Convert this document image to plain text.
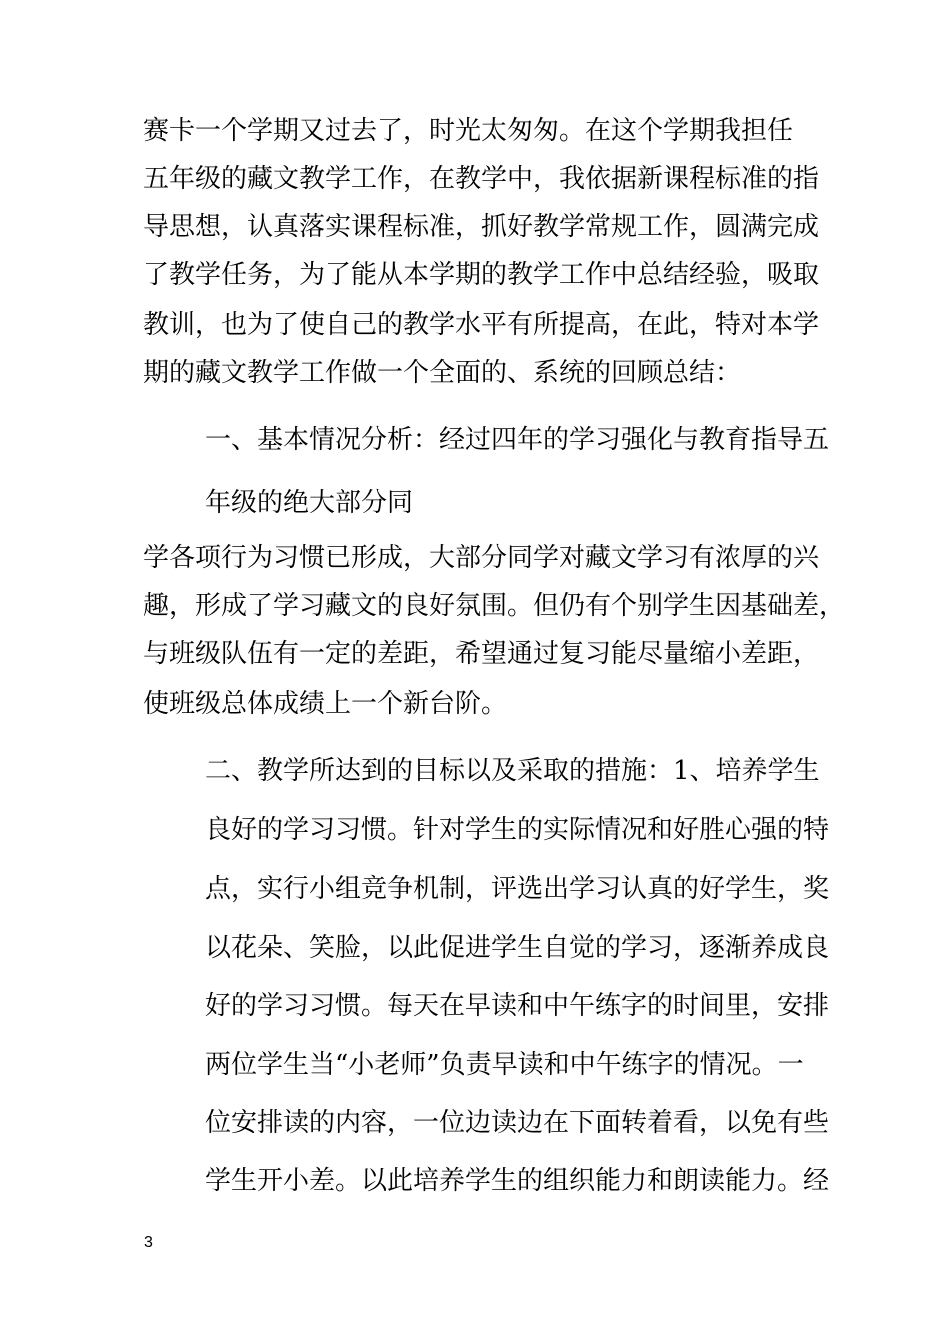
赛卡一个学期又过去了，时光太匆匆。在这个学期我担任
五年级的藏文教学工作，在教学中，我依据新课程标准的指
导思想，认真落实课程标准，抓好教学常规工作，圆满完成
了教学任务，为了能从本学期的教学工作中总结经验，吸取
教训，也为了使自己的教学水平有所提高，在此，特对本学
期的藏文教学工作做一个全面的、系统的回顾总结：
一、基本情况分析：经过四年的学习强化与教育指导五
年级的绝大部分同
学各项行为习惯已形成，大部分同学对藏文学习有浓厚的兴
趣，形成了学习藏文的良好氛围。但仍有个别学生因基础差，
与班级队伍有一定的差距，希望通过复习能尽量缩小差距，
使班级总体成绩上一个新台阶。
二、教学所达到的目标以及采取的措施：1、培养学生
良好的学习习惯。针对学生的实际情况和好胜心强的特
点，实行小组竞争机制，评选出学习认真的好学生，奖
以花朵、笑脸，以此促进学生自觉的学习，逐渐养成良
好的学习习惯。每天在早读和中午练字的时间里，安排
两位学生当“小老师”负责早读和中午练字的情况。一
位安排读的内容，一位边读边在下面转着看，以免有些
学生开小差。以此培养学生的组织能力和朗读能力。经
3
